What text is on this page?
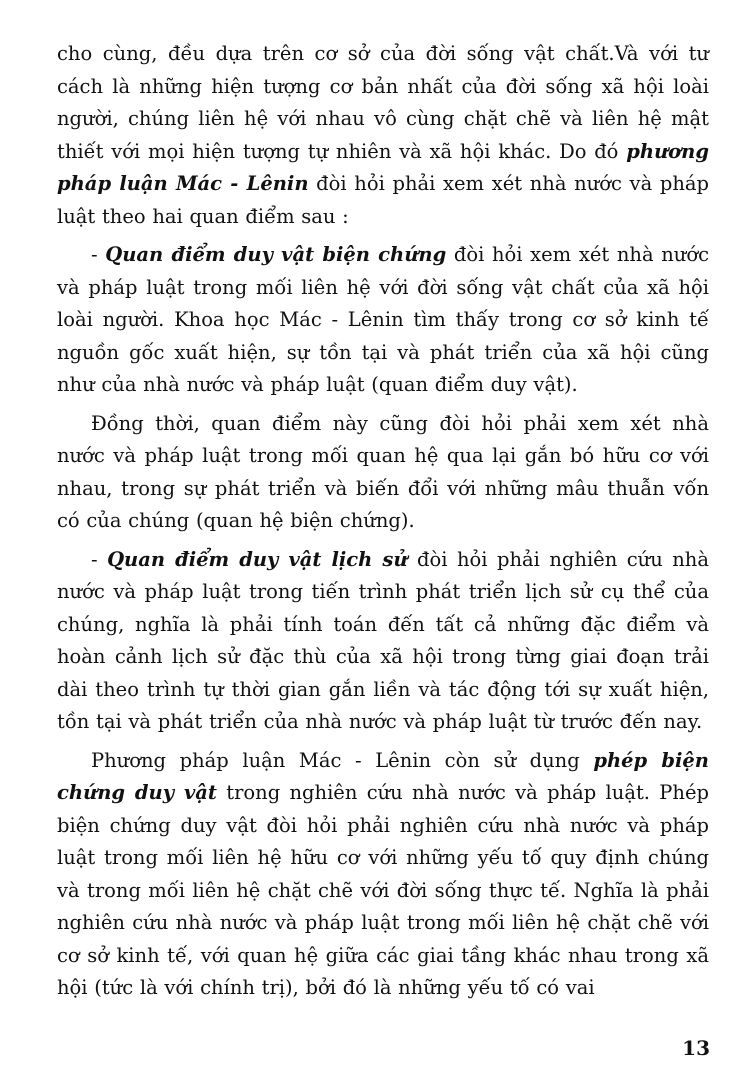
cho cùng, đều dựa trên cơ sở của đời sống vật chất.Và với tư cách là những hiện tượng cơ bản nhất của đời sống xã hội loài người, chúng liên hệ với nhau vô cùng chặt chẽ và liên hệ mật thiết với mọi hiện tượng tự nhiên và xã hội khác. Do đó phương pháp luận Mác - Lênin đòi hỏi phải xem xét nhà nước và pháp luật theo hai quan điểm sau :

- Quan điểm duy vật biện chứng đòi hỏi xem xét nhà nước và pháp luật trong mối liên hệ với đời sống vật chất của xã hội loài người. Khoa học Mác - Lênin tìm thấy trong cơ sở kinh tế nguồn gốc xuất hiện, sự tồn tại và phát triển của xã hội cũng như của nhà nước và pháp luật (quan điểm duy vật).

Đồng thời, quan điểm này cũng đòi hỏi phải xem xét nhà nước và pháp luật trong mối quan hệ qua lại gắn bó hữu cơ với nhau, trong sự phát triển và biến đổi với những mâu thuẫn vốn có của chúng (quan hệ biện chứng).

- Quan điểm duy vật lịch sử đòi hỏi phải nghiên cứu nhà nước và pháp luật trong tiến trình phát triển lịch sử cụ thể của chúng, nghĩa là phải tính toán đến tất cả những đặc điểm và hoàn cảnh lịch sử đặc thù của xã hội trong từng giai đoạn trải dài theo trình tự thời gian gắn liền và tác động tới sự xuất hiện, tồn tại và phát triển của nhà nước và pháp luật từ trước đến nay.

Phương pháp luận Mác - Lênin còn sử dụng phép biện chứng duy vật trong nghiên cứu nhà nước và pháp luật. Phép biện chứng duy vật đòi hỏi phải nghiên cứu nhà nước và pháp luật trong mối liên hệ hữu cơ với những yếu tố quy định chúng và trong mối liên hệ chặt chẽ với đời sống thực tế. Nghĩa là phải nghiên cứu nhà nước và pháp luật trong mối liên hệ chặt chẽ với cơ sở kinh tế, với quan hệ giữa các giai tầng khác nhau trong xã hội (tức là với chính trị), bởi đó là những yếu tố có vai

13
